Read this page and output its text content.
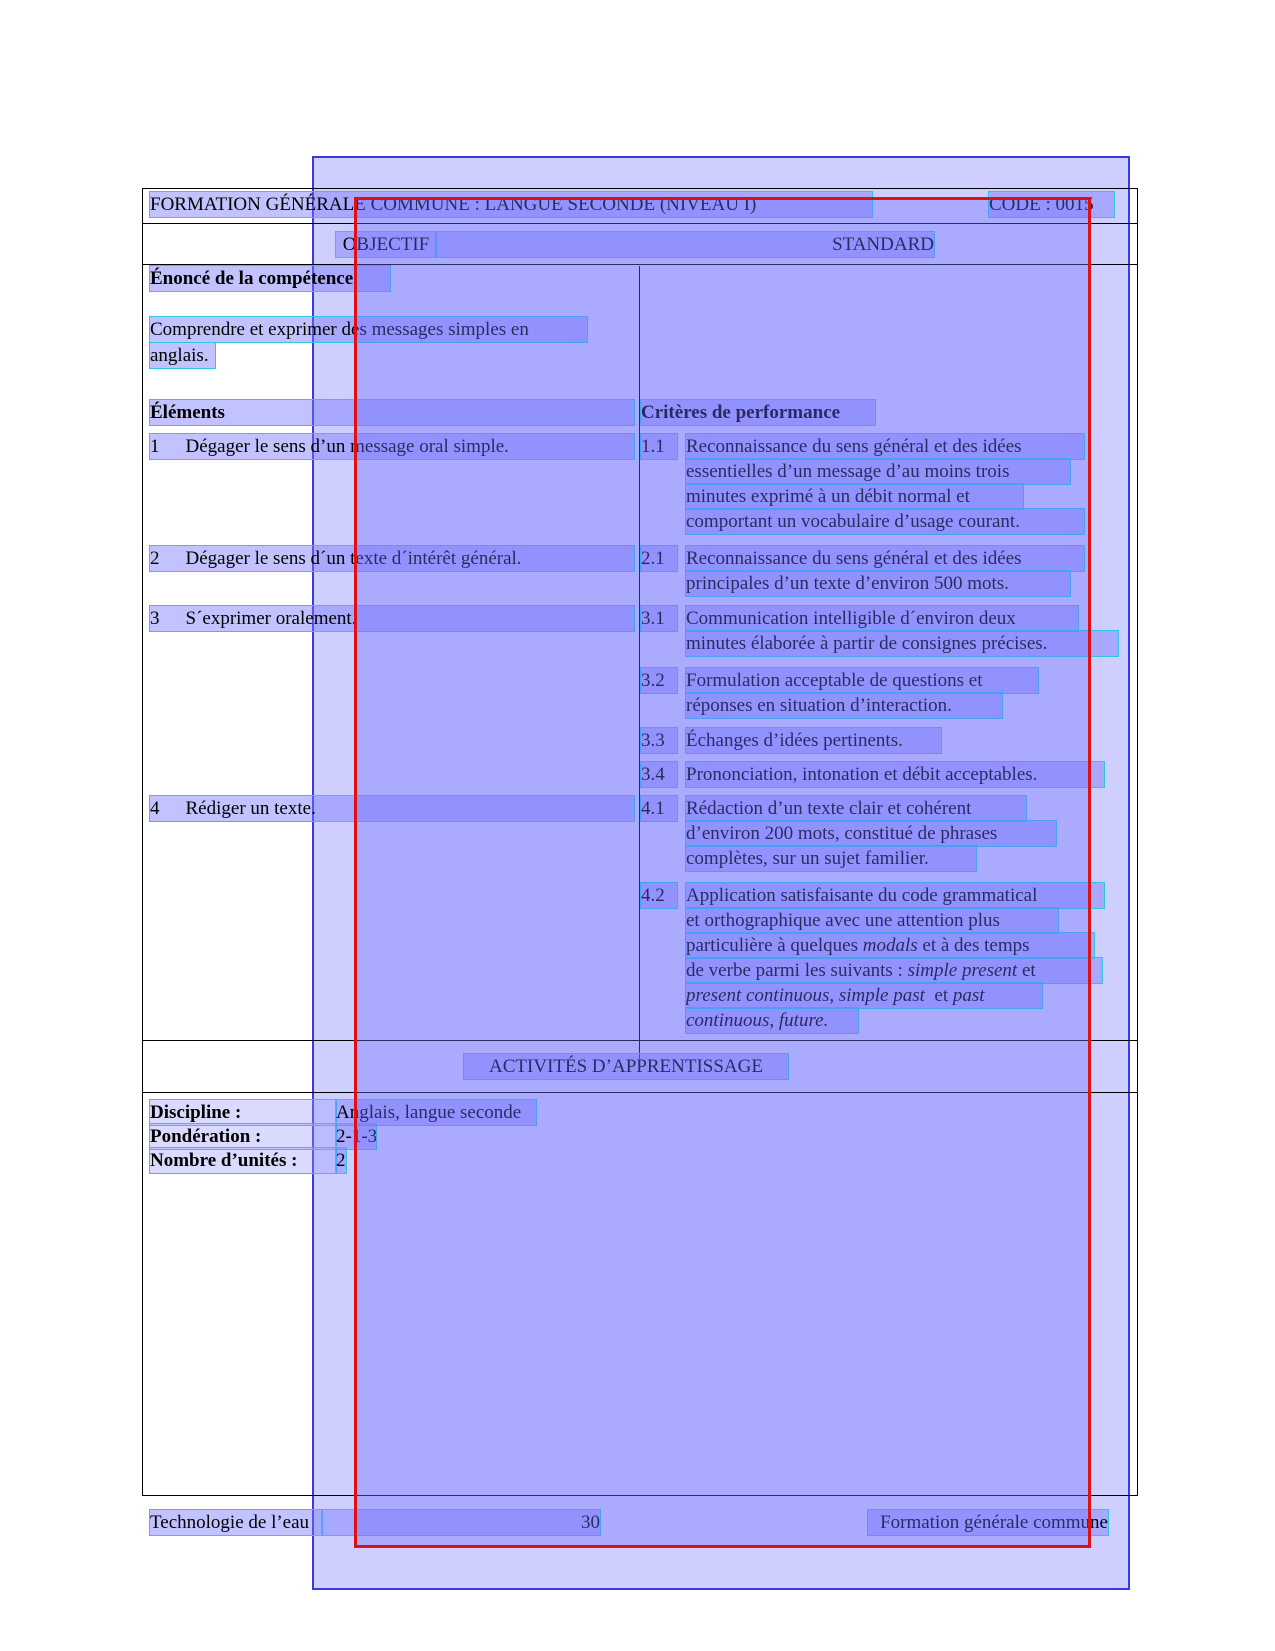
FORMATION GÉNÉRALE COMMUNE : LANGUE SECONDE (NIVEAU I)	CODE : 0015
OBJECTIF	STANDARD
Énoncé de la compétence
Comprendre et exprimer des messages simples en
anglais.
Éléments	Critères de performance
1 Dégager le sens d’un message oral simple.	1.1	Reconnaissance du sens général et des idées
essentielles d’un message d’au moins trois
minutes exprimé à un débit normal et
comportant un vocabulaire d’usage courant.
2 Dégager le sens d´un texte d´intérêt général.	2.1	Reconnaissance du sens général et des idées
principales d’un texte d’environ 500 mots.
3 S´exprimer oralement.	3.1	Communication intelligible d´environ deux
minutes élaborée à partir de consignes précises.
3.2	Formulation acceptable de questions et
réponses en situation d’interaction.
3.3	Échanges d’idées pertinents.
3.4	Prononciation, intonation et débit acceptables.
4 Rédiger un texte.	4.1	Rédaction d’un texte clair et cohérent
d’environ 200 mots, constitué de phrases
complètes, sur un sujet familier.
4.2	Application satisfaisante du code grammatical
et orthographique avec une attention plus
particulière à quelques modals et à des temps
de verbe parmi les suivants : simple present et
present continuous, simple past  et past
continuous, future.
ACTIVITÉS D’APPRENTISSAGE
Discipline :	Anglais, langue seconde
Pondération :	2-1-3
Nombre d’unités :	2
Technologie de l’eau	30	Formation générale commune
